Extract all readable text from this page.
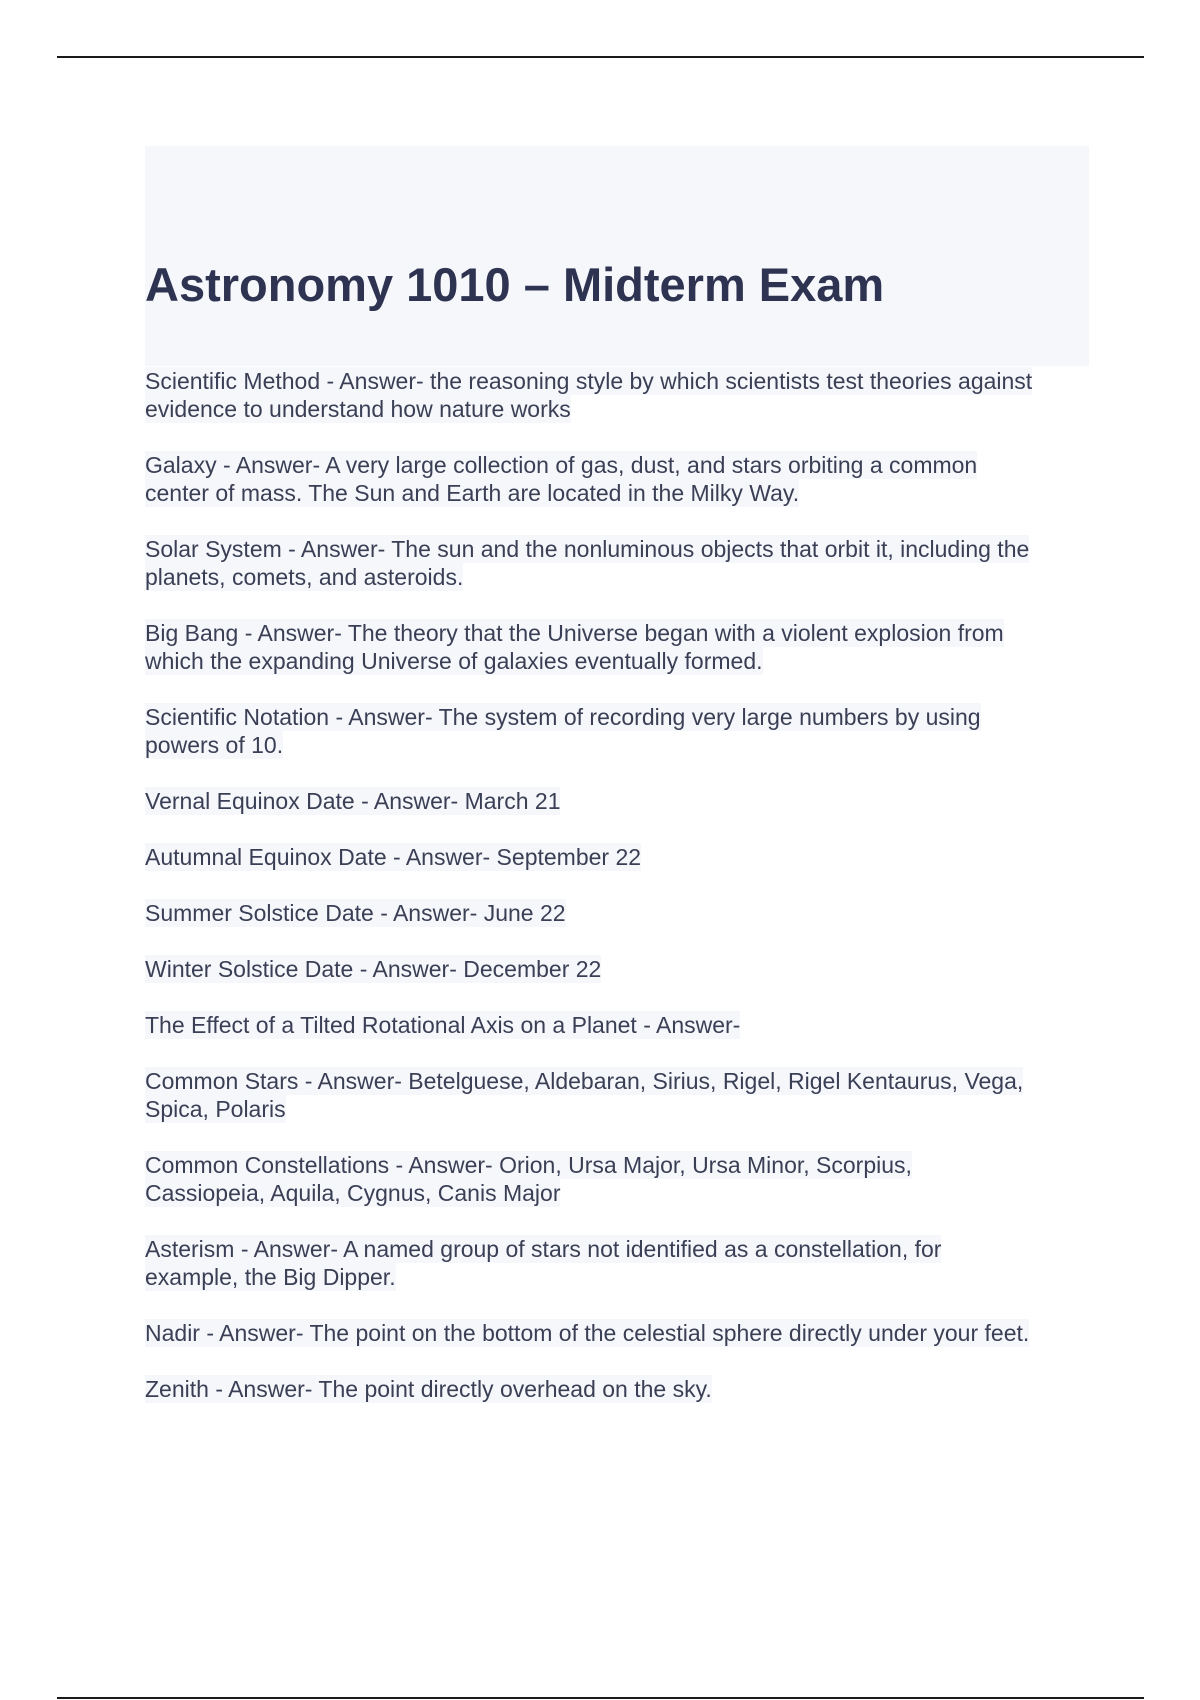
Astronomy 1010 – Midterm Exam

Scientific Method - Answer- the reasoning style by which scientists test theories against
evidence to understand how nature works

Galaxy - Answer- A very large collection of gas, dust, and stars orbiting a common
center of mass. The Sun and Earth are located in the Milky Way.

Solar System - Answer- The sun and the nonluminous objects that orbit it, including the
planets, comets, and asteroids.

Big Bang - Answer- The theory that the Universe began with a violent explosion from
which the expanding Universe of galaxies eventually formed.

Scientific Notation - Answer- The system of recording very large numbers by using
powers of 10.

Vernal Equinox Date - Answer- March 21

Autumnal Equinox Date - Answer- September 22

Summer Solstice Date - Answer- June 22

Winter Solstice Date - Answer- December 22

The Effect of a Tilted Rotational Axis on a Planet - Answer-

Common Stars - Answer- Betelguese, Aldebaran, Sirius, Rigel, Rigel Kentaurus, Vega,
Spica, Polaris

Common Constellations - Answer- Orion, Ursa Major, Ursa Minor, Scorpius,
Cassiopeia, Aquila, Cygnus, Canis Major

Asterism - Answer- A named group of stars not identified as a constellation, for
example, the Big Dipper.

Nadir - Answer- The point on the bottom of the celestial sphere directly under your feet.

Zenith - Answer- The point directly overhead on the sky.
